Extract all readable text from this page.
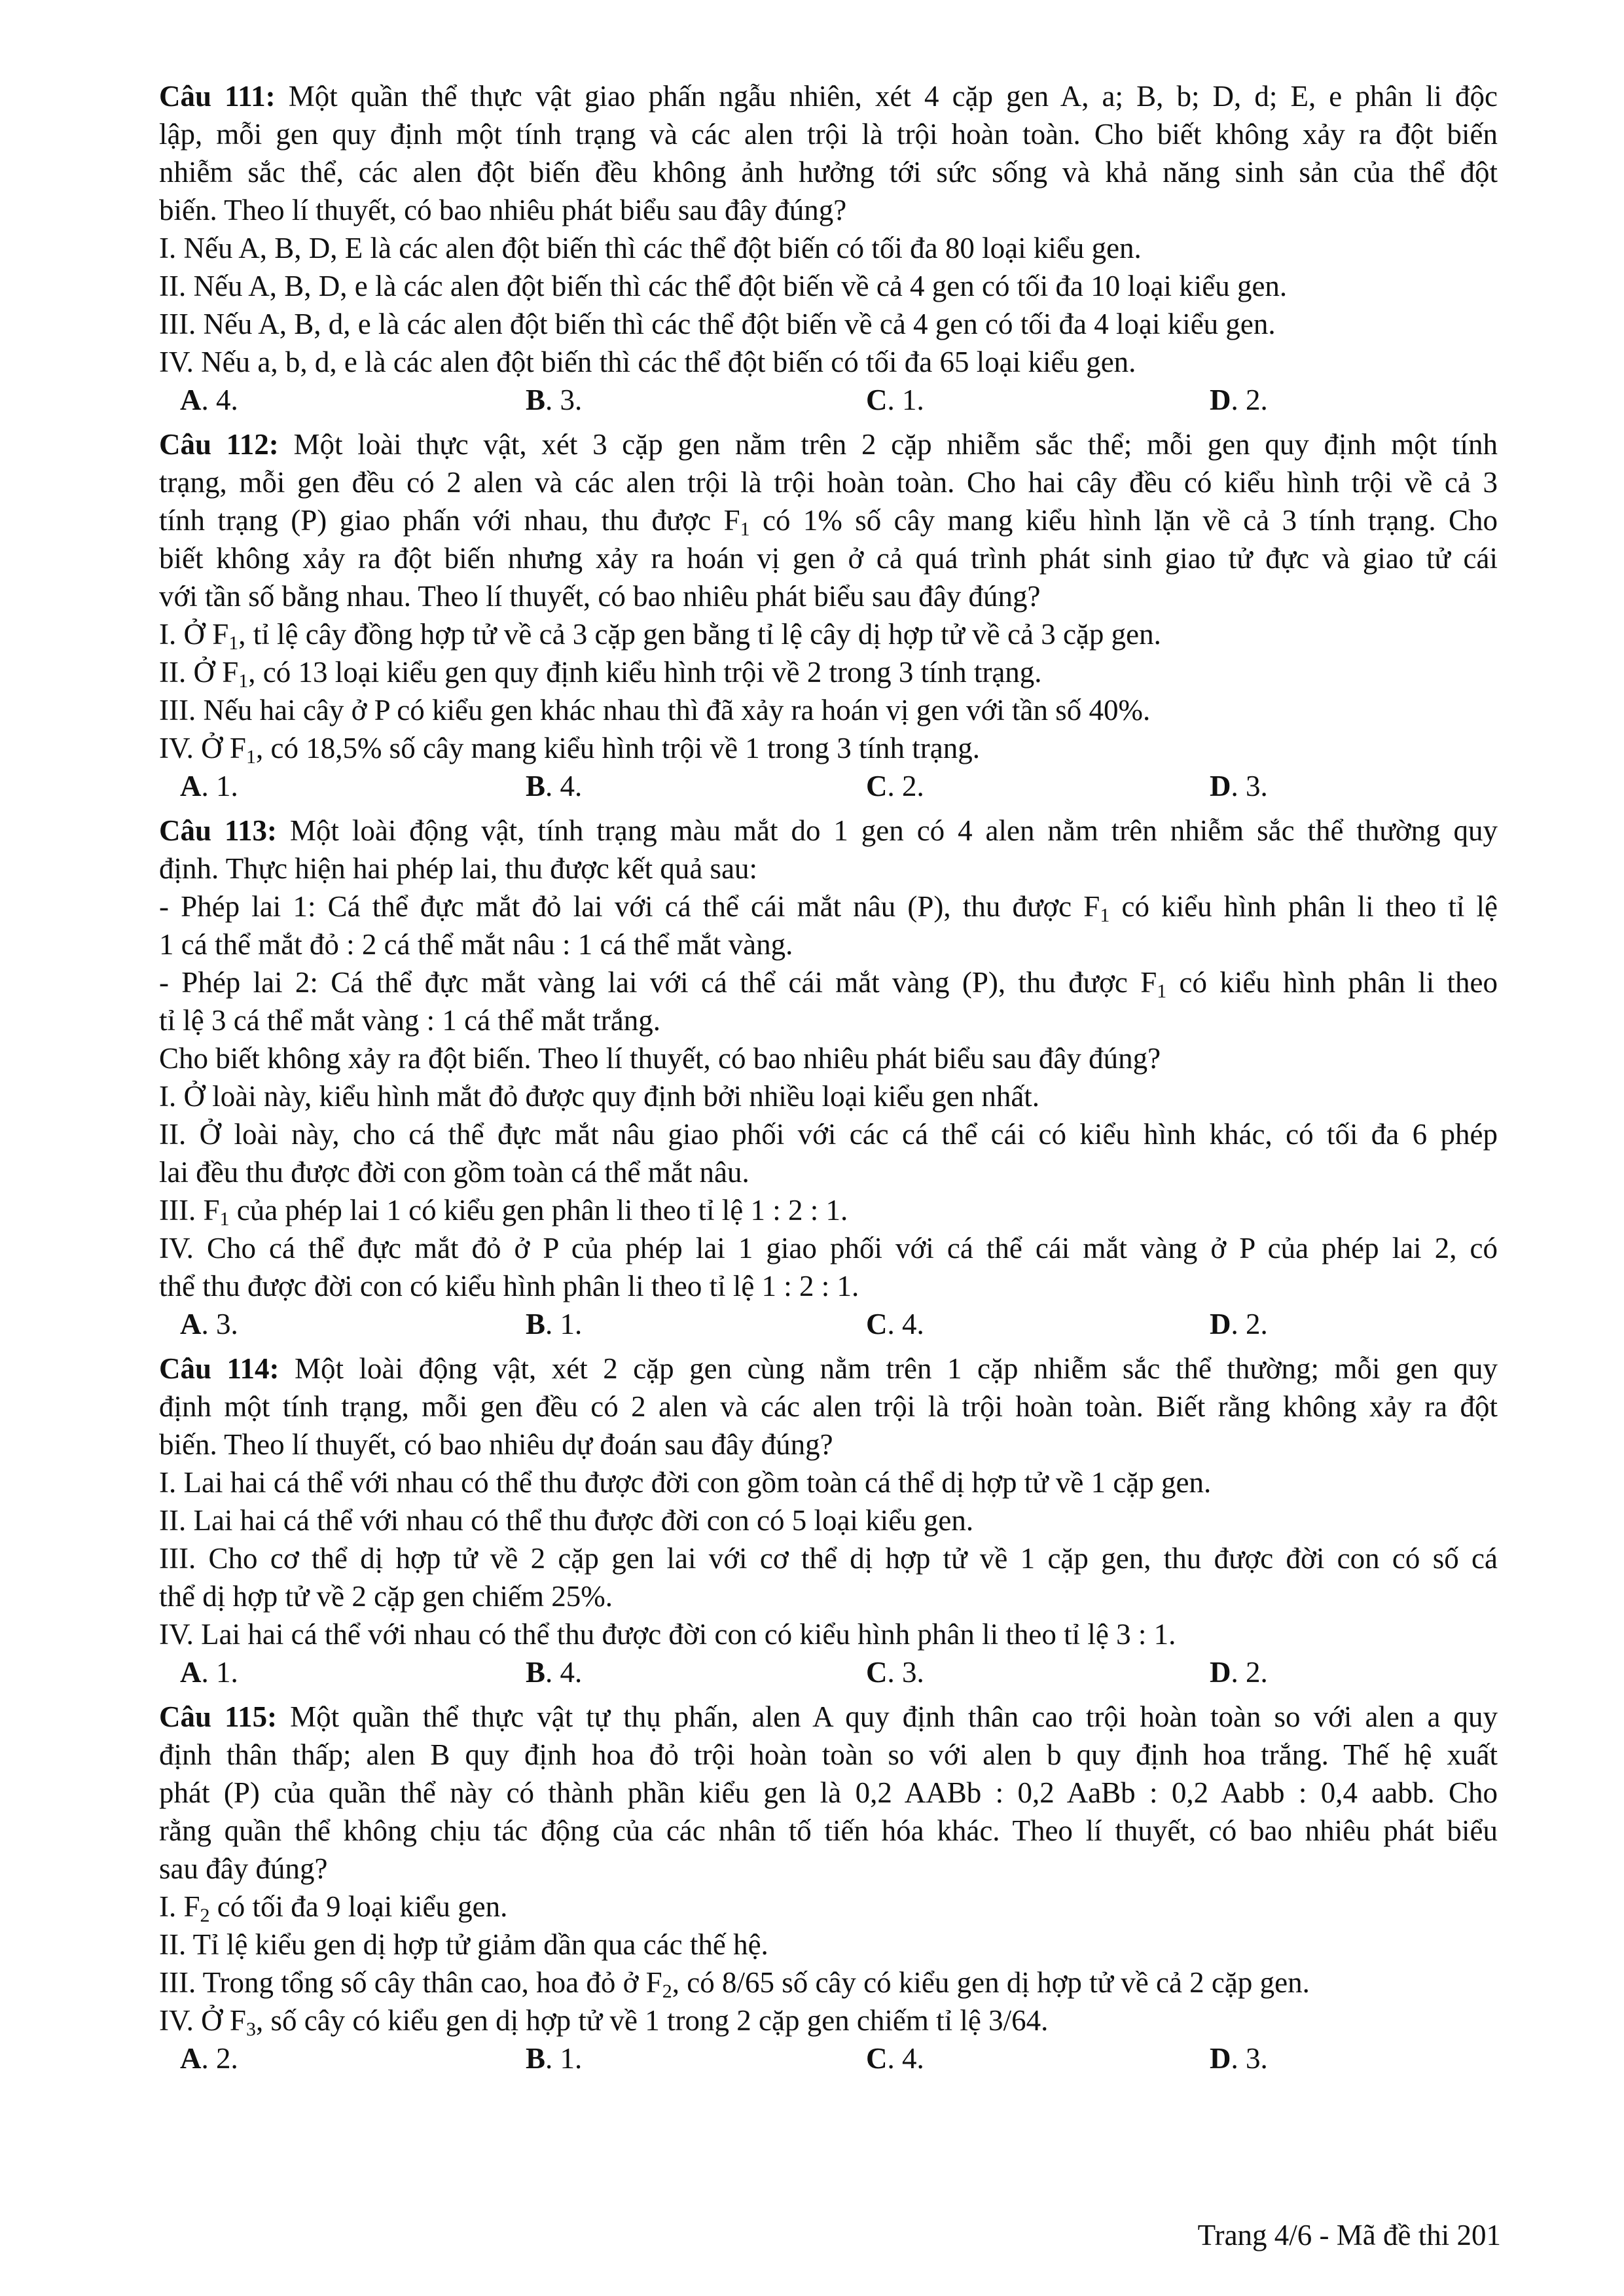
Câu 111: Một quần thể thực vật giao phấn ngẫu nhiên, xét 4 cặp gen A, a; B, b; D, d; E, e phân li độc
lập, mỗi gen quy định một tính trạng và các alen trội là trội hoàn toàn. Cho biết không xảy ra đột biến
nhiễm sắc thể, các alen đột biến đều không ảnh hưởng tới sức sống và khả năng sinh sản của thể đột
biến. Theo lí thuyết, có bao nhiêu phát biểu sau đây đúng?
I. Nếu A, B, D, E là các alen đột biến thì các thể đột biến có tối đa 80 loại kiểu gen.
II. Nếu A, B, D, e là các alen đột biến thì các thể đột biến về cả 4 gen có tối đa 10 loại kiểu gen.
III. Nếu A, B, d, e là các alen đột biến thì các thể đột biến về cả 4 gen có tối đa 4 loại kiểu gen.
IV. Nếu a, b, d, e là các alen đột biến thì các thể đột biến có tối đa 65 loại kiểu gen.
A. 4.	B. 3.	C. 1.	D. 2.
Câu 112: Một loài thực vật, xét 3 cặp gen nằm trên 2 cặp nhiễm sắc thể; mỗi gen quy định một tính
trạng, mỗi gen đều có 2 alen và các alen trội là trội hoàn toàn. Cho hai cây đều có kiểu hình trội về cả 3
tính trạng (P) giao phấn với nhau, thu được $F_1$ có 1% số cây mang kiểu hình lặn về cả 3 tính trạng. Cho
biết không xảy ra đột biến nhưng xảy ra hoán vị gen ở cả quá trình phát sinh giao tử đực và giao tử cái
với tần số bằng nhau. Theo lí thuyết, có bao nhiêu phát biểu sau đây đúng?
I. Ở $F_1$, tỉ lệ cây đồng hợp tử về cả 3 cặp gen bằng tỉ lệ cây dị hợp tử về cả 3 cặp gen.
II. Ở $F_1$, có 13 loại kiểu gen quy định kiểu hình trội về 2 trong 3 tính trạng.
III. Nếu hai cây ở P có kiểu gen khác nhau thì đã xảy ra hoán vị gen với tần số 40%.
IV. Ở $F_1$, có 18,5% số cây mang kiểu hình trội về 1 trong 3 tính trạng.
A. 1.	B. 4.	C. 2.	D. 3.
Câu 113: Một loài động vật, tính trạng màu mắt do 1 gen có 4 alen nằm trên nhiễm sắc thể thường quy
định. Thực hiện hai phép lai, thu được kết quả sau:
- Phép lai 1: Cá thể đực mắt đỏ lai với cá thể cái mắt nâu (P), thu được $F_1$ có kiểu hình phân li theo tỉ lệ
1 cá thể mắt đỏ : 2 cá thể mắt nâu : 1 cá thể mắt vàng.
- Phép lai 2: Cá thể đực mắt vàng lai với cá thể cái mắt vàng (P), thu được $F_1$ có kiểu hình phân li theo
tỉ lệ 3 cá thể mắt vàng : 1 cá thể mắt trắng.
Cho biết không xảy ra đột biến. Theo lí thuyết, có bao nhiêu phát biểu sau đây đúng?
I. Ở loài này, kiểu hình mắt đỏ được quy định bởi nhiều loại kiểu gen nhất.
II. Ở loài này, cho cá thể đực mắt nâu giao phối với các cá thể cái có kiểu hình khác, có tối đa 6 phép
lai đều thu được đời con gồm toàn cá thể mắt nâu.
III. $F_1$ của phép lai 1 có kiểu gen phân li theo tỉ lệ 1 : 2 : 1.
IV. Cho cá thể đực mắt đỏ ở P của phép lai 1 giao phối với cá thể cái mắt vàng ở P của phép lai 2, có
thể thu được đời con có kiểu hình phân li theo tỉ lệ 1 : 2 : 1.
A. 3.	B. 1.	C. 4.	D. 2.
Câu 114: Một loài động vật, xét 2 cặp gen cùng nằm trên 1 cặp nhiễm sắc thể thường; mỗi gen quy
định một tính trạng, mỗi gen đều có 2 alen và các alen trội là trội hoàn toàn. Biết rằng không xảy ra đột
biến. Theo lí thuyết, có bao nhiêu dự đoán sau đây đúng?
I. Lai hai cá thể với nhau có thể thu được đời con gồm toàn cá thể dị hợp tử về 1 cặp gen.
II. Lai hai cá thể với nhau có thể thu được đời con có 5 loại kiểu gen.
III. Cho cơ thể dị hợp tử về 2 cặp gen lai với cơ thể dị hợp tử về 1 cặp gen, thu được đời con có số cá
thể dị hợp tử về 2 cặp gen chiếm 25%.
IV. Lai hai cá thể với nhau có thể thu được đời con có kiểu hình phân li theo tỉ lệ 3 : 1.
A. 1.	B. 4.	C. 3.	D. 2.
Câu 115: Một quần thể thực vật tự thụ phấn, alen A quy định thân cao trội hoàn toàn so với alen a quy
định thân thấp; alen B quy định hoa đỏ trội hoàn toàn so với alen b quy định hoa trắng. Thế hệ xuất
phát (P) của quần thể này có thành phần kiểu gen là 0,2 AABb : 0,2 AaBb : 0,2 Aabb : 0,4 aabb. Cho
rằng quần thể không chịu tác động của các nhân tố tiến hóa khác. Theo lí thuyết, có bao nhiêu phát biểu
sau đây đúng?
I. $F_2$ có tối đa 9 loại kiểu gen.
II. Tỉ lệ kiểu gen dị hợp tử giảm dần qua các thế hệ.
III. Trong tổng số cây thân cao, hoa đỏ ở $F_2$, có 8/65 số cây có kiểu gen dị hợp tử về cả 2 cặp gen.
IV. Ở $F_3$, số cây có kiểu gen dị hợp tử về 1 trong 2 cặp gen chiếm tỉ lệ 3/64.
A. 2.	B. 1.	C. 4.	D. 3.
Trang 4/6 - Mã đề thi 201
